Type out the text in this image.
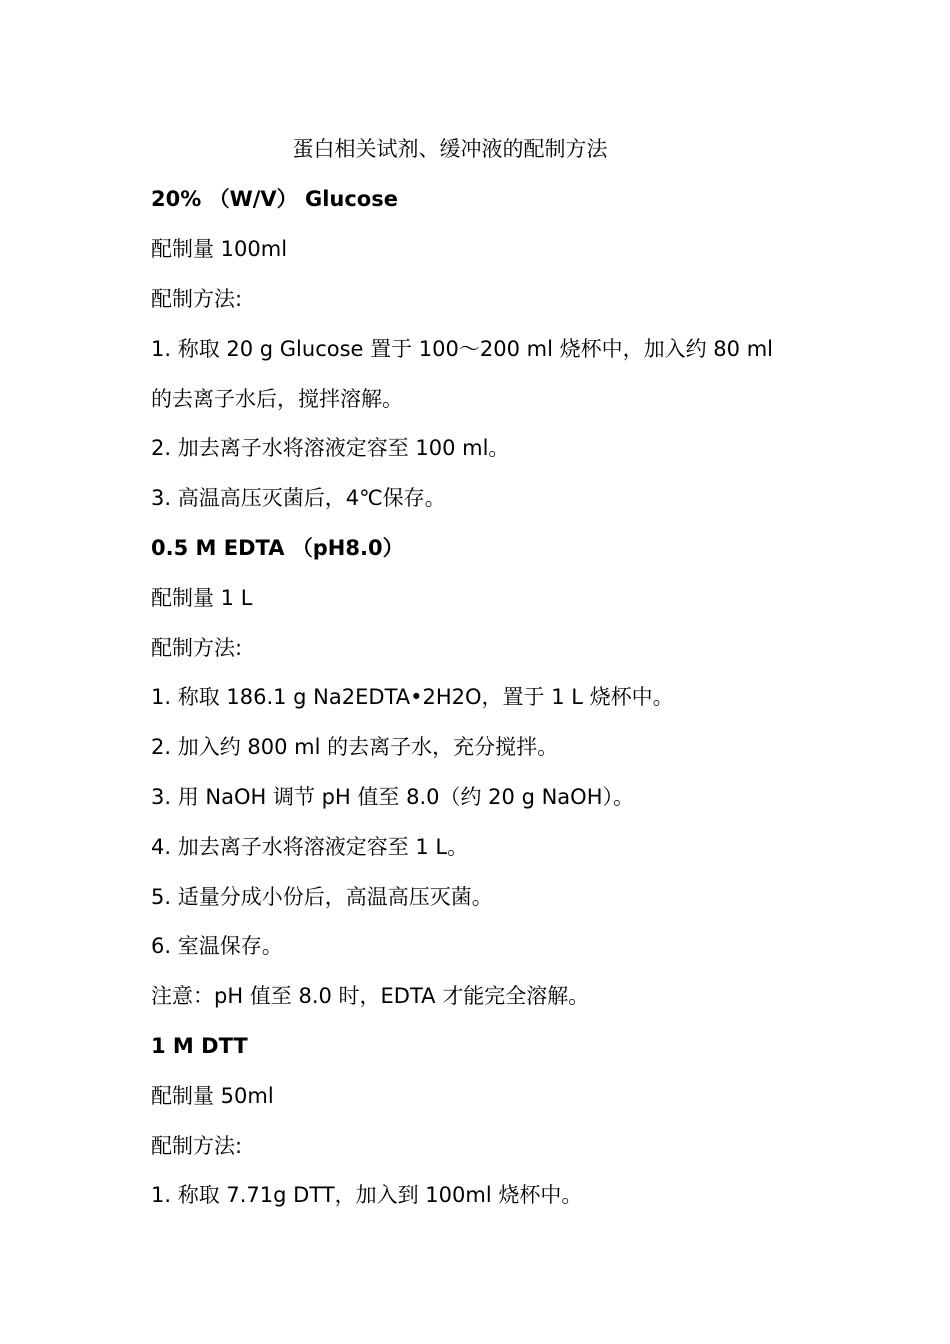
蛋白相关试剂、缓冲液的配制方法
20% （W/V） Glucose
配制量 100ml
配制方法:
1. 称取 20 g Glucose 置于 100～200 ml 烧杯中，加入约 80 ml
的去离子水后，搅拌溶解。
2. 加去离子水将溶液定容至 100 ml。
3. 高温高压灭菌后，4℃保存。
0.5 M EDTA （pH8.0）
配制量 1 L
配制方法:
1. 称取 186.1 g Na2EDTA•2H2O，置于 1 L 烧杯中。
2. 加入约 800 ml 的去离子水，充分搅拌。
3. 用 NaOH 调节 pH 值至 8.0（约 20 g NaOH）。
4. 加去离子水将溶液定容至 1 L。
5. 适量分成小份后，高温高压灭菌。
6. 室温保存。
注意：pH 值至 8.0 时，EDTA 才能完全溶解。
1 M DTT
配制量 50ml
配制方法:
1. 称取 7.71g DTT，加入到 100ml 烧杯中。
